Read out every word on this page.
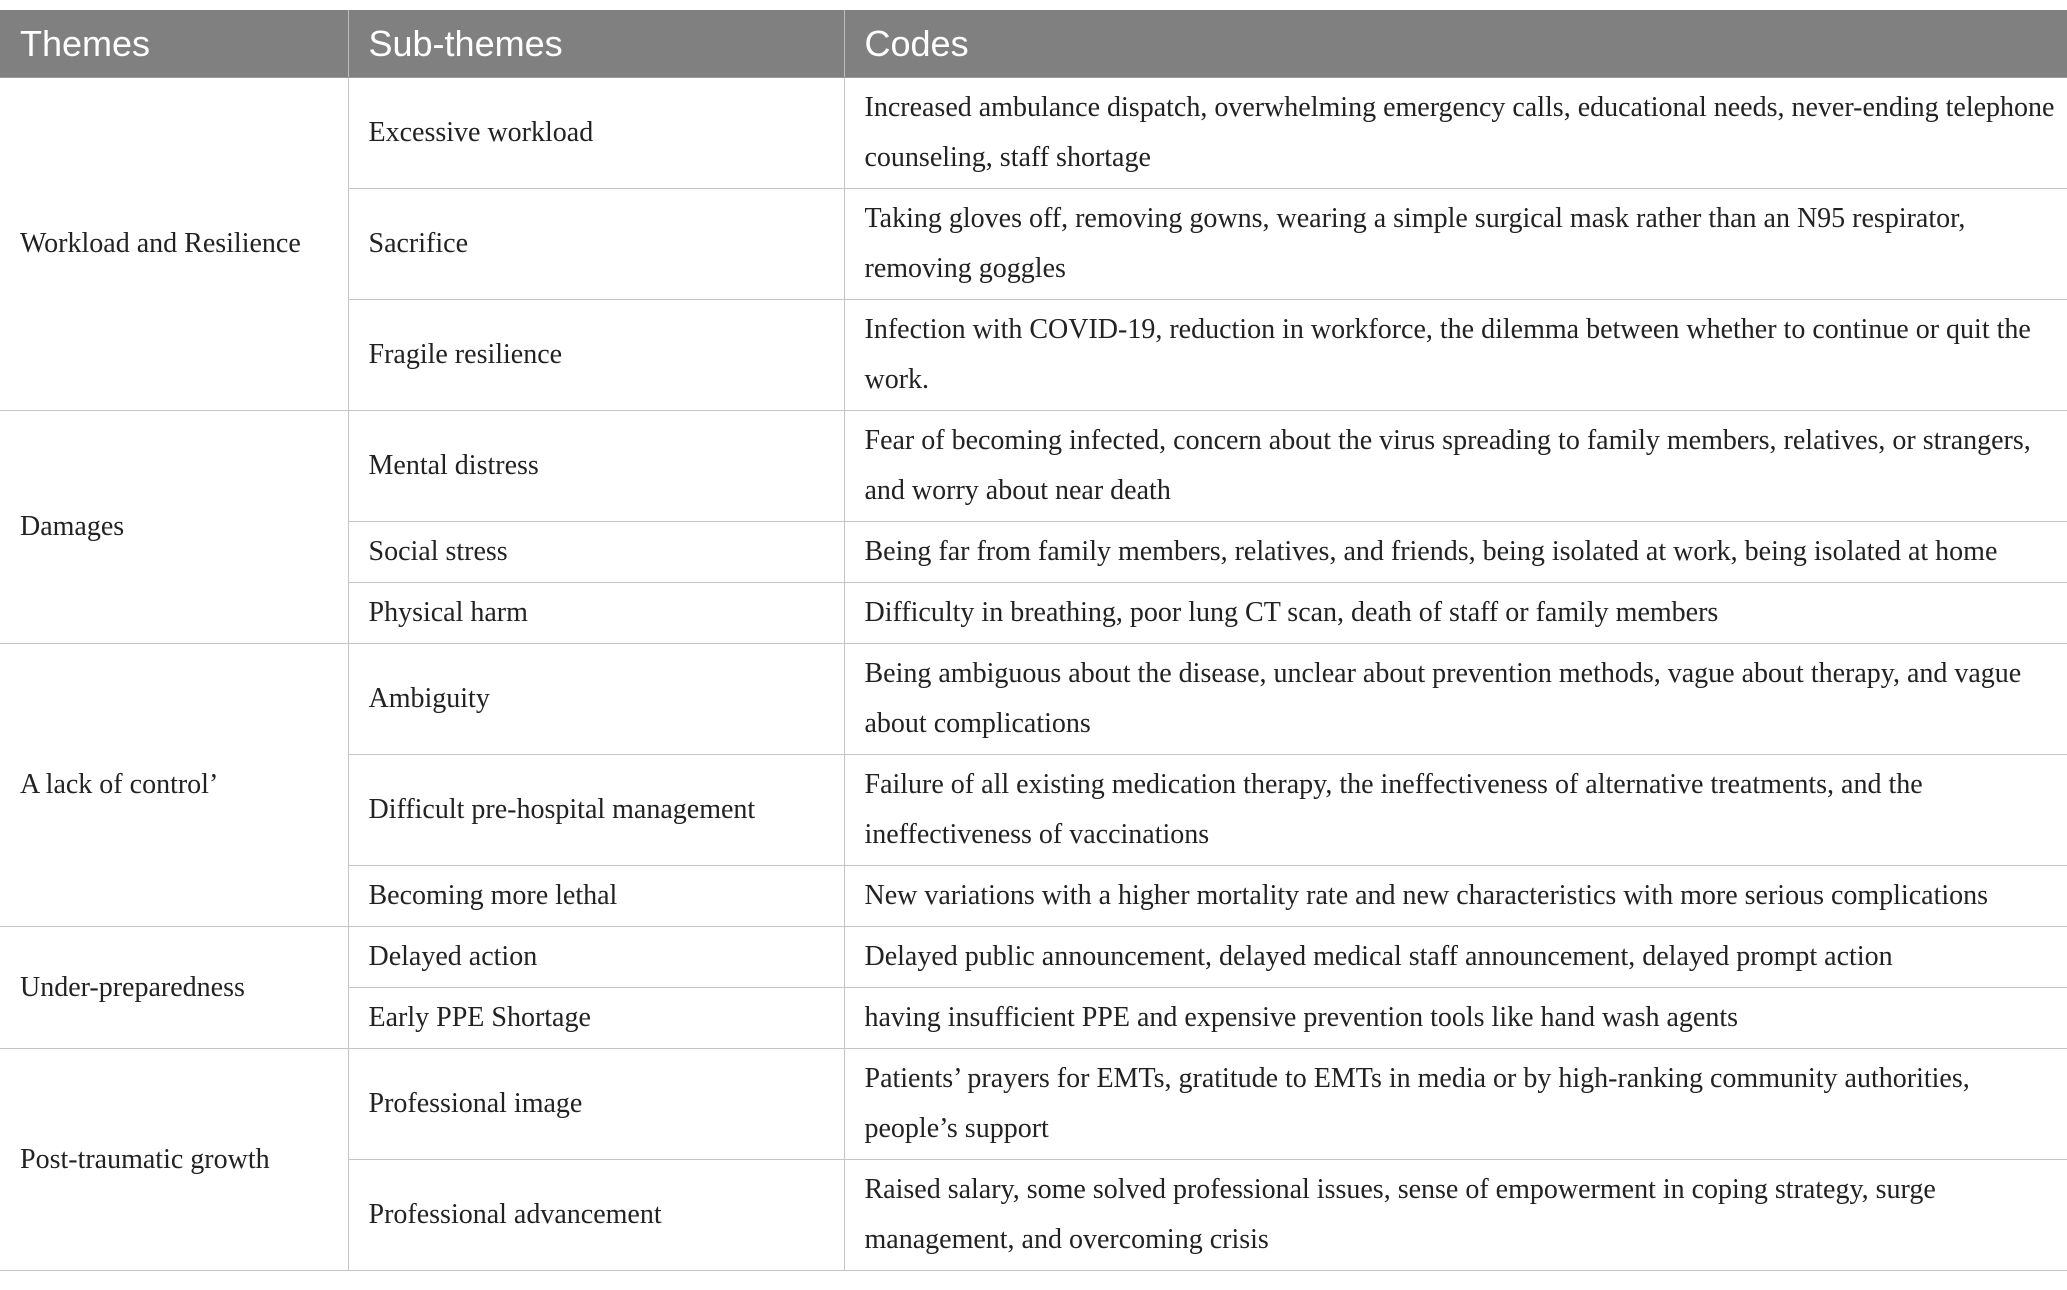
Themes	Sub-themes	Codes
Workload and Resilience	Excessive workload	Increased ambulance dispatch, overwhelming emergency calls, educational needs, never-ending telephone counseling, staff shortage
	Sacrifice	Taking gloves off, removing gowns, wearing a simple surgical mask rather than an N95 respirator, removing goggles
	Fragile resilience	Infection with COVID-19, reduction in workforce, the dilemma between whether to continue or quit the work.
Damages	Mental distress	Fear of becoming infected, concern about the virus spreading to family members, relatives, or strangers, and worry about near death
	Social stress	Being far from family members, relatives, and friends, being isolated at work, being isolated at home
	Physical harm	Difficulty in breathing, poor lung CT scan, death of staff or family members
A lack of control’	Ambiguity	Being ambiguous about the disease, unclear about prevention methods, vague about therapy, and vague about complications
	Difficult pre-hospital management	Failure of all existing medication therapy, the ineffectiveness of alternative treatments, and the ineffectiveness of vaccinations
	Becoming more lethal	New variations with a higher mortality rate and new characteristics with more serious complications
Under-preparedness	Delayed action	Delayed public announcement, delayed medical staff announcement, delayed prompt action
	Early PPE Shortage	having insufficient PPE and expensive prevention tools like hand wash agents
Post-traumatic growth	Professional image	Patients’ prayers for EMTs, gratitude to EMTs in media or by high-ranking community authorities, people’s support
	Professional advancement	Raised salary, some solved professional issues, sense of empowerment in coping strategy, surge management, and overcoming crisis
